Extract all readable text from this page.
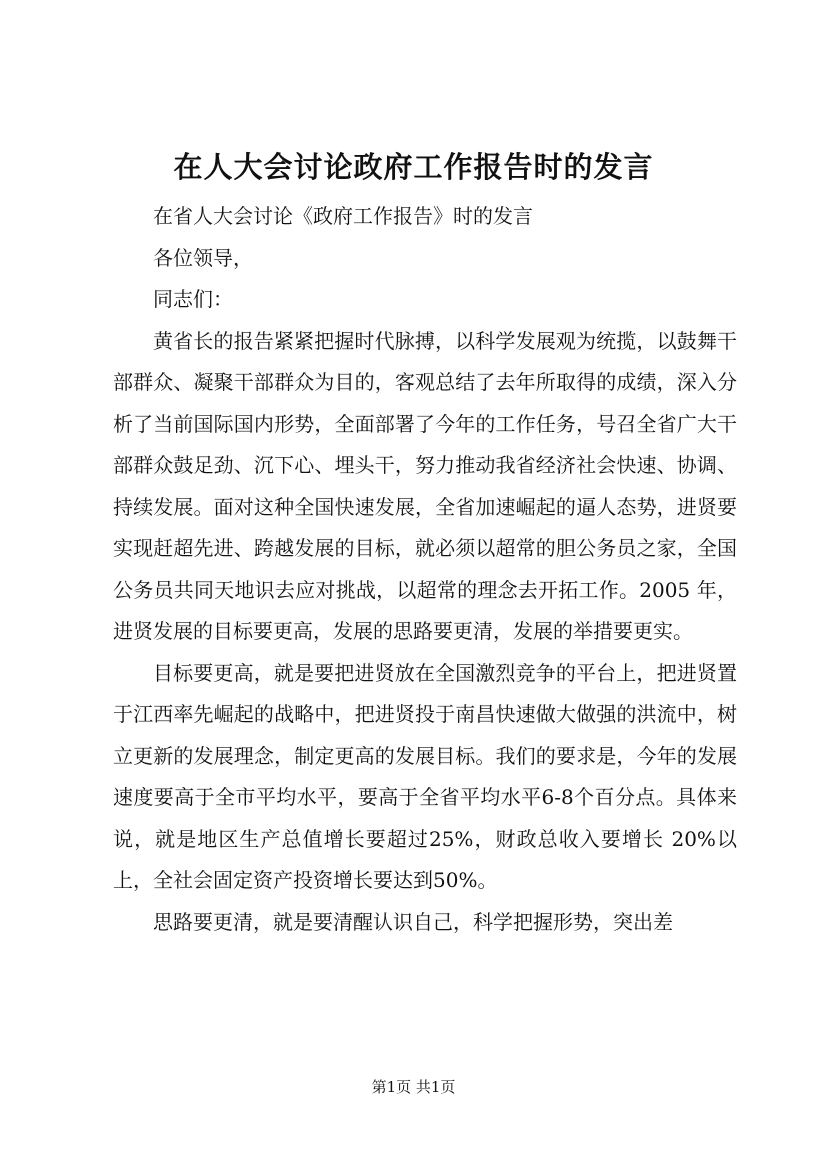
在人大会讨论政府工作报告时的发言

在省人大会讨论《政府工作报告》时的发言

各位领导，

同志们：

黄省长的报告紧紧把握时代脉搏，以科学发展观为统揽，以鼓舞干部群众、凝聚干部群众为目的，客观总结了去年所取得的成绩，深入分析了当前国际国内形势，全面部署了今年的工作任务，号召全省广大干部群众鼓足劲、沉下心、埋头干，努力推动我省经济社会快速、协调、持续发展。面对这种全国快速发展，全省加速崛起的逼人态势，进贤要实现赶超先进、跨越发展的目标，就必须以超常的胆公务员之家，全国公务员共同天地识去应对挑战，以超常的理念去开拓工作。2005 年，进贤发展的目标要更高，发展的思路要更清，发展的举措要更实。

目标要更高，就是要把进贤放在全国激烈竞争的平台上，把进贤置于江西率先崛起的战略中，把进贤投于南昌快速做大做强的洪流中，树立更新的发展理念，制定更高的发展目标。我们的要求是，今年的发展速度要高于全市平均水平，要高于全省平均水平6-8个百分点。具体来说，就是地区生产总值增长要超过25%，财政总收入要增长 20%以上，全社会固定资产投资增长要达到50%。

思路要更清，就是要清醒认识自己，科学把握形势，突出差

第1页 共1页
